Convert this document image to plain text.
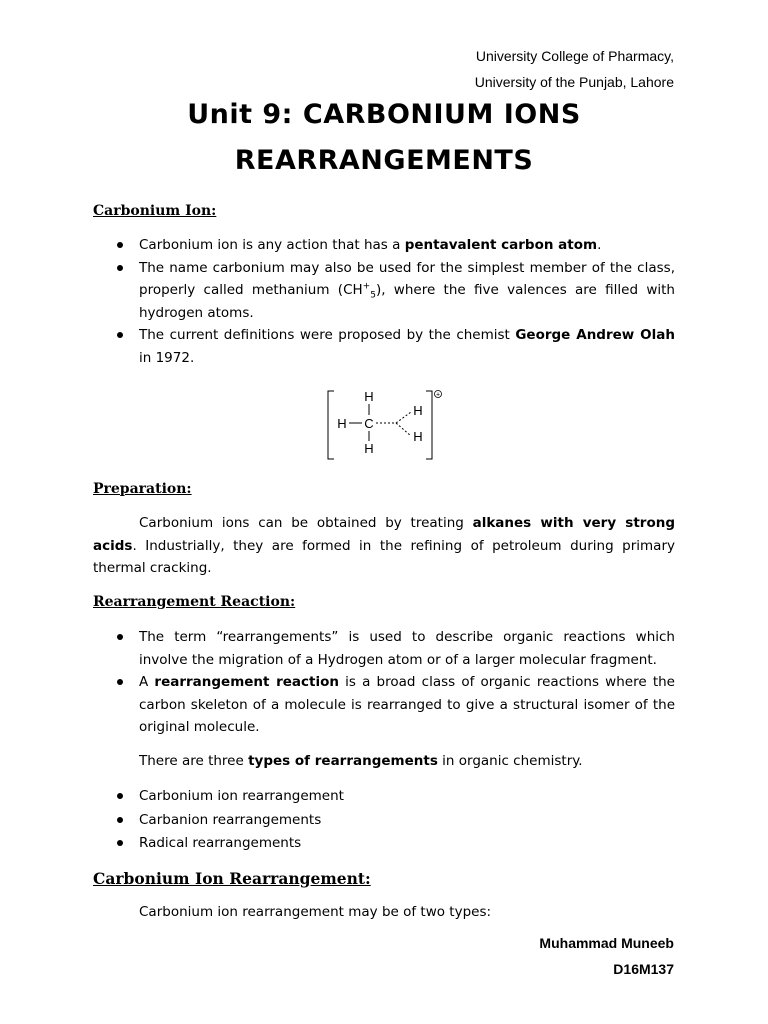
University College of Pharmacy,
University of the Punjab, Lahore
Unit 9: CARBONIUM IONS
REARRANGEMENTS
Carbonium Ion:
Carbonium ion is any action that has a pentavalent carbon atom.
The name carbonium may also be used for the simplest member of the class, properly called methanium $(CH^+_5)$, where the five valences are filled with hydrogen atoms.
The current definitions were proposed by the chemist George Andrew Olah in 1972.
+
H
H C
H
H
H
Preparation:
Carbonium ions can be obtained by treating alkanes with very strong acids. Industrially, they are formed in the refining of petroleum during primary thermal cracking.
Rearrangement Reaction:
The term “rearrangements” is used to describe organic reactions which involve the migration of a Hydrogen atom or of a larger molecular fragment.
A rearrangement reaction is a broad class of organic reactions where the carbon skeleton of a molecule is rearranged to give a structural isomer of the original molecule.
There are three types of rearrangements in organic chemistry.
Carbonium ion rearrangement
Carbanion rearrangements
Radical rearrangements
Carbonium Ion Rearrangement:
Carbonium ion rearrangement may be of two types:
Muhammad Muneeb
D16M137
